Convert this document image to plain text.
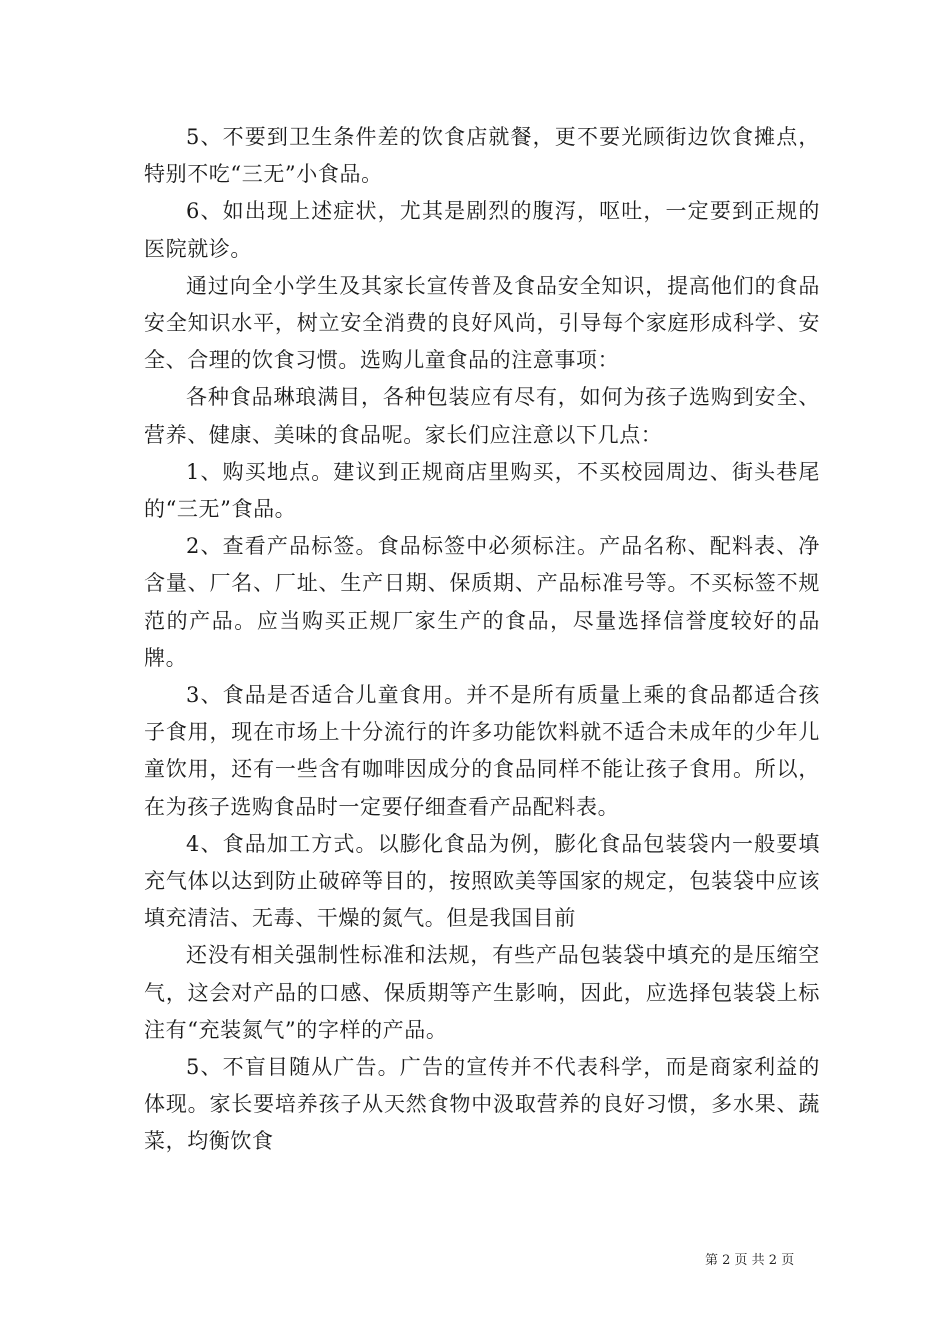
5、不要到卫生条件差的饮食店就餐，更不要光顾街边饮食摊点，特别不吃“三无”小食品。

6、如出现上述症状，尤其是剧烈的腹泻，呕吐，一定要到正规的医院就诊。

通过向全小学生及其家长宣传普及食品安全知识，提高他们的食品安全知识水平，树立安全消费的良好风尚，引导每个家庭形成科学、安全、合理的饮食习惯。选购儿童食品的注意事项：

各种食品琳琅满目，各种包装应有尽有，如何为孩子选购到安全、营养、健康、美味的食品呢。家长们应注意以下几点：

1、购买地点。建议到正规商店里购买，不买校园周边、街头巷尾的“三无”食品。

2、查看产品标签。食品标签中必须标注。产品名称、配料表、净含量、厂名、厂址、生产日期、保质期、产品标准号等。不买标签不规范的产品。应当购买正规厂家生产的食品，尽量选择信誉度较好的品牌。

3、食品是否适合儿童食用。并不是所有质量上乘的食品都适合孩子食用，现在市场上十分流行的许多功能饮料就不适合未成年的少年儿童饮用，还有一些含有咖啡因成分的食品同样不能让孩子食用。所以，在为孩子选购食品时一定要仔细查看产品配料表。

4、食品加工方式。以膨化食品为例，膨化食品包装袋内一般要填充气体以达到防止破碎等目的，按照欧美等国家的规定，包装袋中应该填充清洁、无毒、干燥的氮气。但是我国目前

还没有相关强制性标准和法规，有些产品包装袋中填充的是压缩空气，这会对产品的口感、保质期等产生影响，因此，应选择包装袋上标注有“充装氮气”的字样的产品。

5、不盲目随从广告。广告的宣传并不代表科学，而是商家利益的体现。家长要培养孩子从天然食物中汲取营养的良好习惯，多水果、蔬菜，均衡饮食

第 2 页 共 2 页
